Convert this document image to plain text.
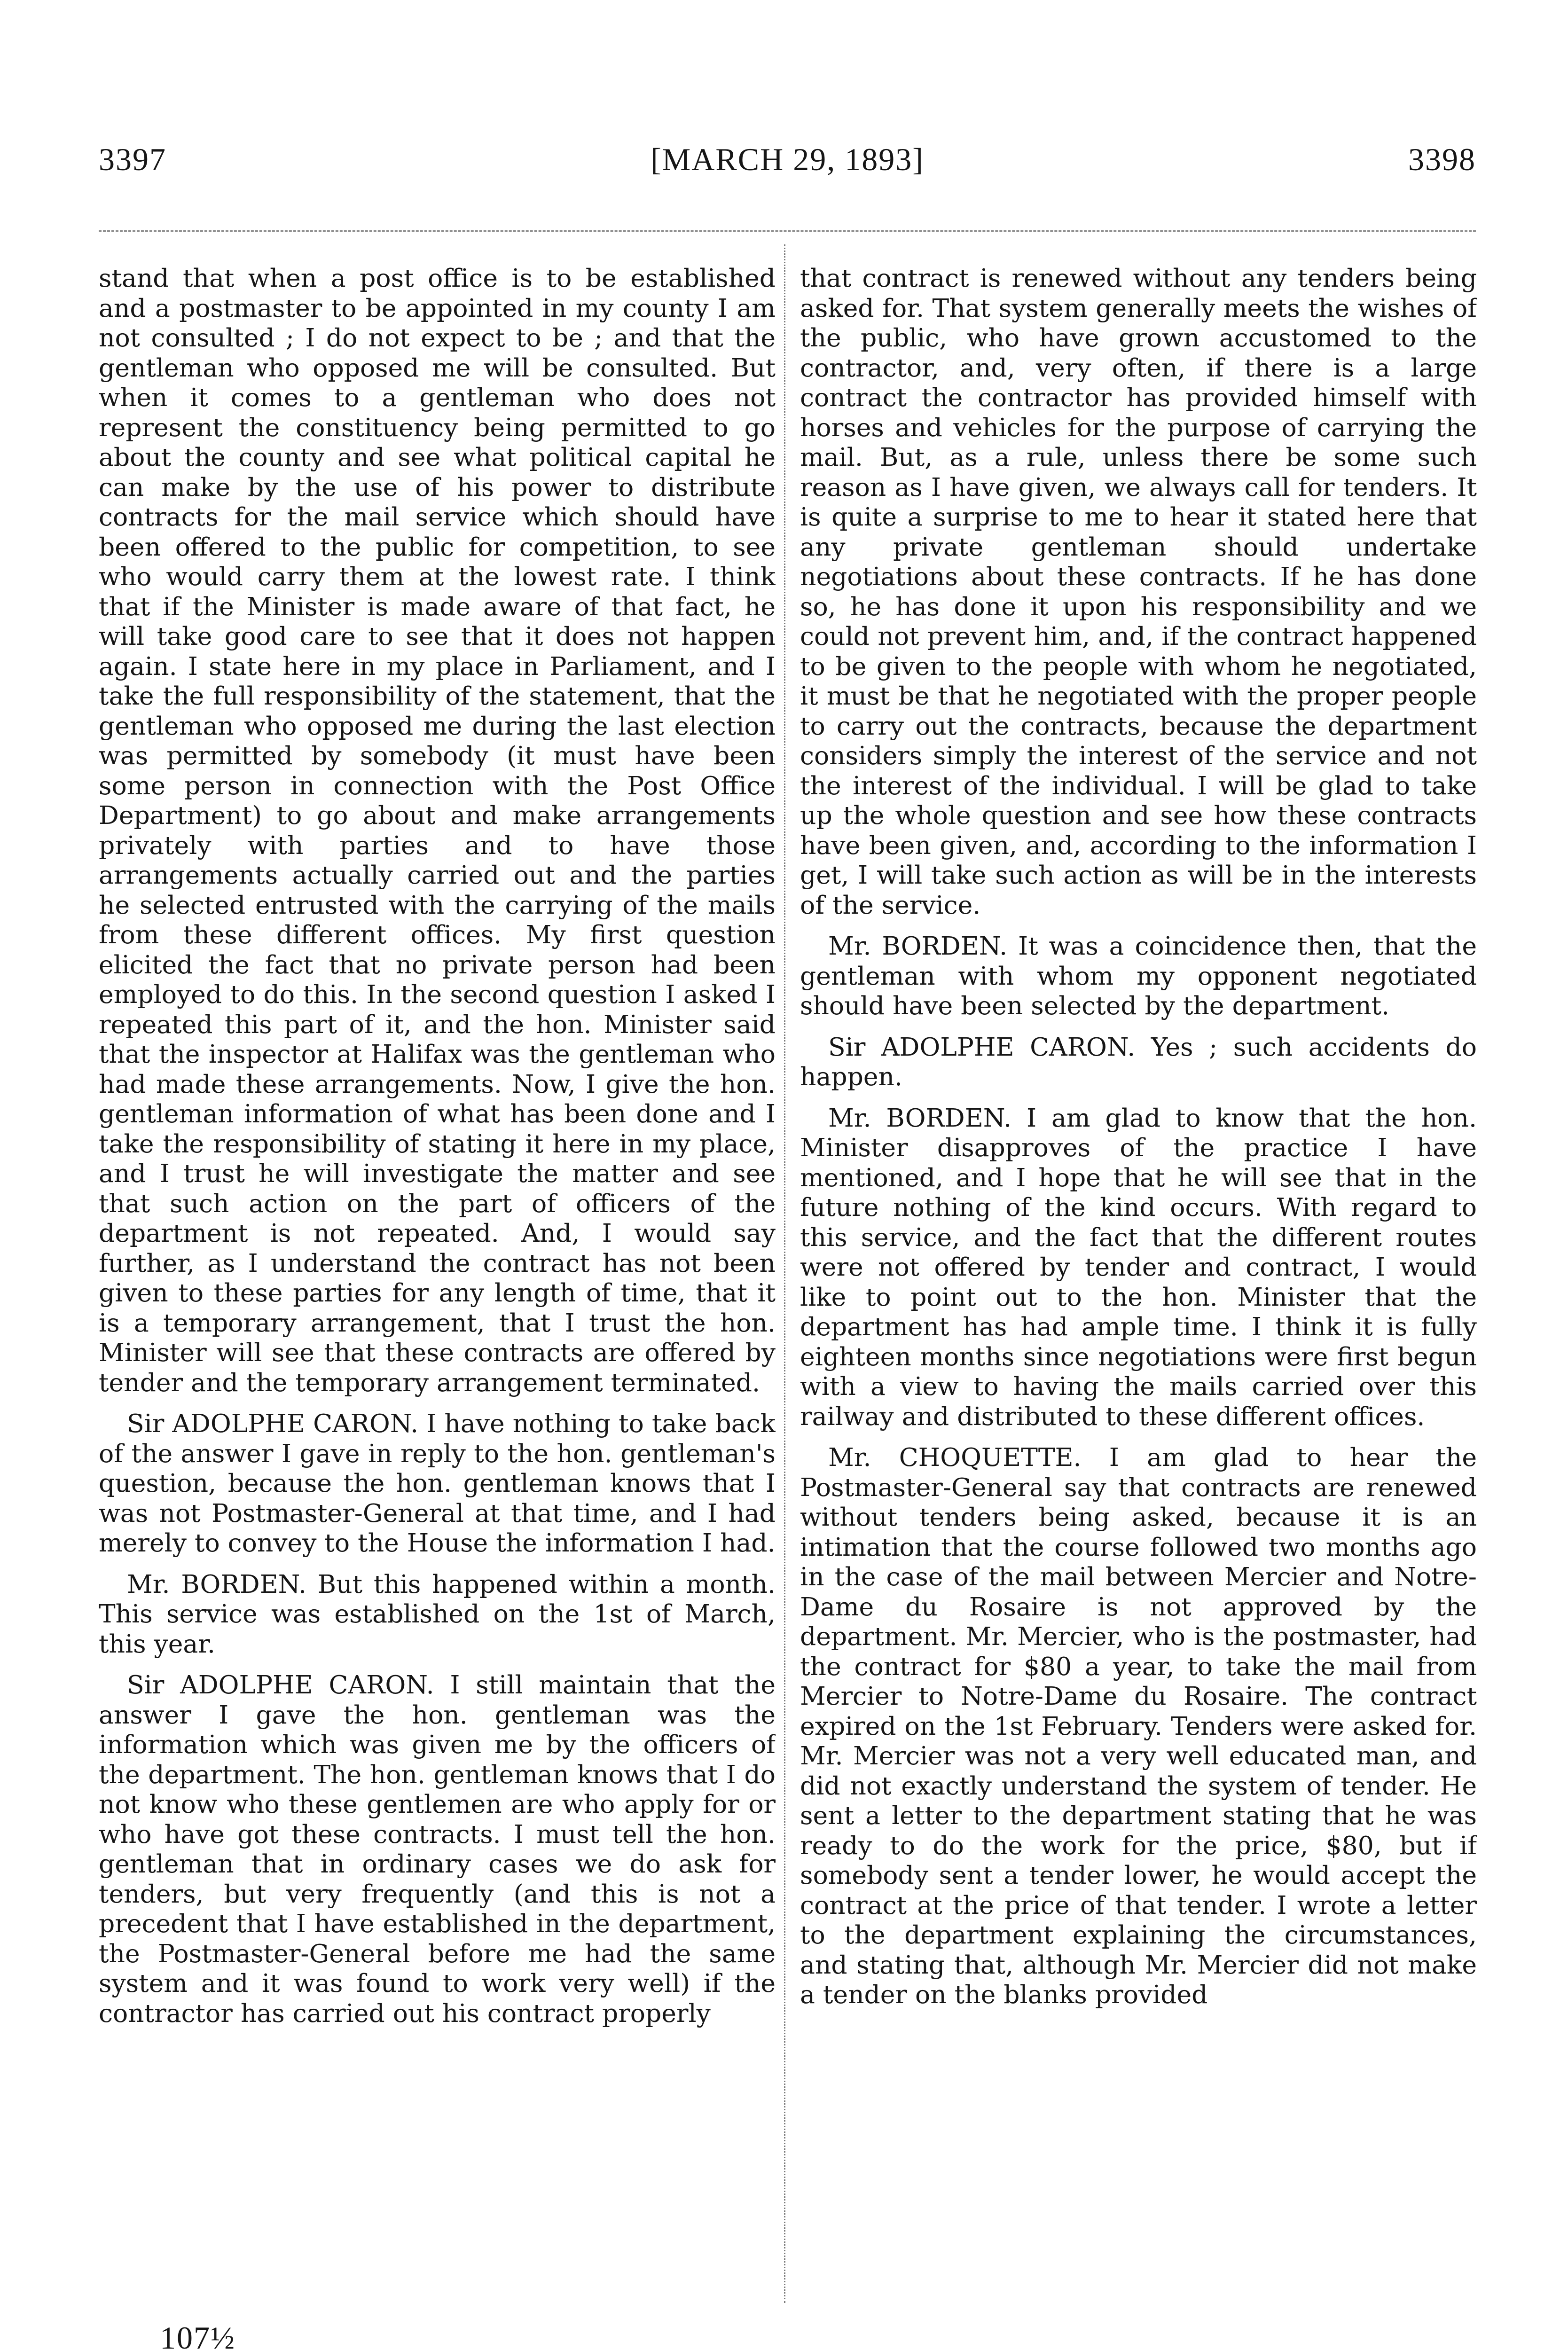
3397	[MARCH 29, 1893]	3398

stand that when a post office is to be established and a postmaster to be appointed in my county I am not consulted ; I do not expect to be ; and that the gentleman who opposed me will be consulted. But when it comes to a gentleman who does not represent the constituency being permitted to go about the county and see what political capital he can make by the use of his power to distribute contracts for the mail service which should have been offered to the public for competition, to see who would carry them at the lowest rate. I think that if the Minister is made aware of that fact, he will take good care to see that it does not happen again. I state here in my place in Parliament, and I take the full responsibility of the statement, that the gentleman who opposed me during the last election was permitted by somebody (it must have been some person in connection with the Post Office Department) to go about and make arrangements privately with parties and to have those arrangements actually carried out and the parties he selected entrusted with the carrying of the mails from these different offices. My first question elicited the fact that no private person had been employed to do this. In the second question I asked I repeated this part of it, and the hon. Minister said that the inspector at Halifax was the gentleman who had made these arrangements. Now, I give the hon. gentleman information of what has been done and I take the responsibility of stating it here in my place, and I trust he will investigate the matter and see that such action on the part of officers of the department is not repeated. And, I would say further, as I understand the contract has not been given to these parties for any length of time, that it is a temporary arrangement, that I trust the hon. Minister will see that these contracts are offered by tender and the temporary arrangement terminated.

Sir ADOLPHE CARON. I have nothing to take back of the answer I gave in reply to the hon. gentleman's question, because the hon. gentleman knows that I was not Postmaster-General at that time, and I had merely to convey to the House the information I had.

Mr. BORDEN. But this happened within a month. This service was established on the 1st of March, this year.

Sir ADOLPHE CARON. I still maintain that the answer I gave the hon. gentleman was the information which was given me by the officers of the department. The hon. gentleman knows that I do not know who these gentlemen are who apply for or who have got these contracts. I must tell the hon. gentleman that in ordinary cases we do ask for tenders, but very frequently (and this is not a precedent that I have established in the department, the Postmaster-General before me had the same system and it was found to work very well) if the contractor has carried out his contract properly

that contract is renewed without any tenders being asked for. That system generally meets the wishes of the public, who have grown accustomed to the contractor, and, very often, if there is a large contract the contractor has provided himself with horses and vehicles for the purpose of carrying the mail. But, as a rule, unless there be some such reason as I have given, we always call for tenders. It is quite a surprise to me to hear it stated here that any private gentleman should undertake negotiations about these contracts. If he has done so, he has done it upon his responsibility and we could not prevent him, and, if the contract happened to be given to the people with whom he negotiated, it must be that he negotiated with the proper people to carry out the contracts, because the department considers simply the interest of the service and not the interest of the individual. I will be glad to take up the whole question and see how these contracts have been given, and, according to the information I get, I will take such action as will be in the interests of the service.

Mr. BORDEN. It was a coincidence then, that the gentleman with whom my opponent negotiated should have been selected by the department.

Sir ADOLPHE CARON. Yes ; such accidents do happen.

Mr. BORDEN. I am glad to know that the hon. Minister disapproves of the practice I have mentioned, and I hope that he will see that in the future nothing of the kind occurs. With regard to this service, and the fact that the different routes were not offered by tender and contract, I would like to point out to the hon. Minister that the department has had ample time. I think it is fully eighteen months since negotiations were first begun with a view to having the mails carried over this railway and distributed to these different offices.

Mr. CHOQUETTE. I am glad to hear the Postmaster-General say that contracts are renewed without tenders being asked, because it is an intimation that the course followed two months ago in the case of the mail between Mercier and Notre-Dame du Rosaire is not approved by the department. Mr. Mercier, who is the postmaster, had the contract for $80 a year, to take the mail from Mercier to Notre-Dame du Rosaire. The contract expired on the 1st February. Tenders were asked for. Mr. Mercier was not a very well educated man, and did not exactly understand the system of tender. He sent a letter to the department stating that he was ready to do the work for the price, $80, but if somebody sent a tender lower, he would accept the contract at the price of that tender. I wrote a letter to the department explaining the circumstances, and stating that, although Mr. Mercier did not make a tender on the blanks provided

107½
